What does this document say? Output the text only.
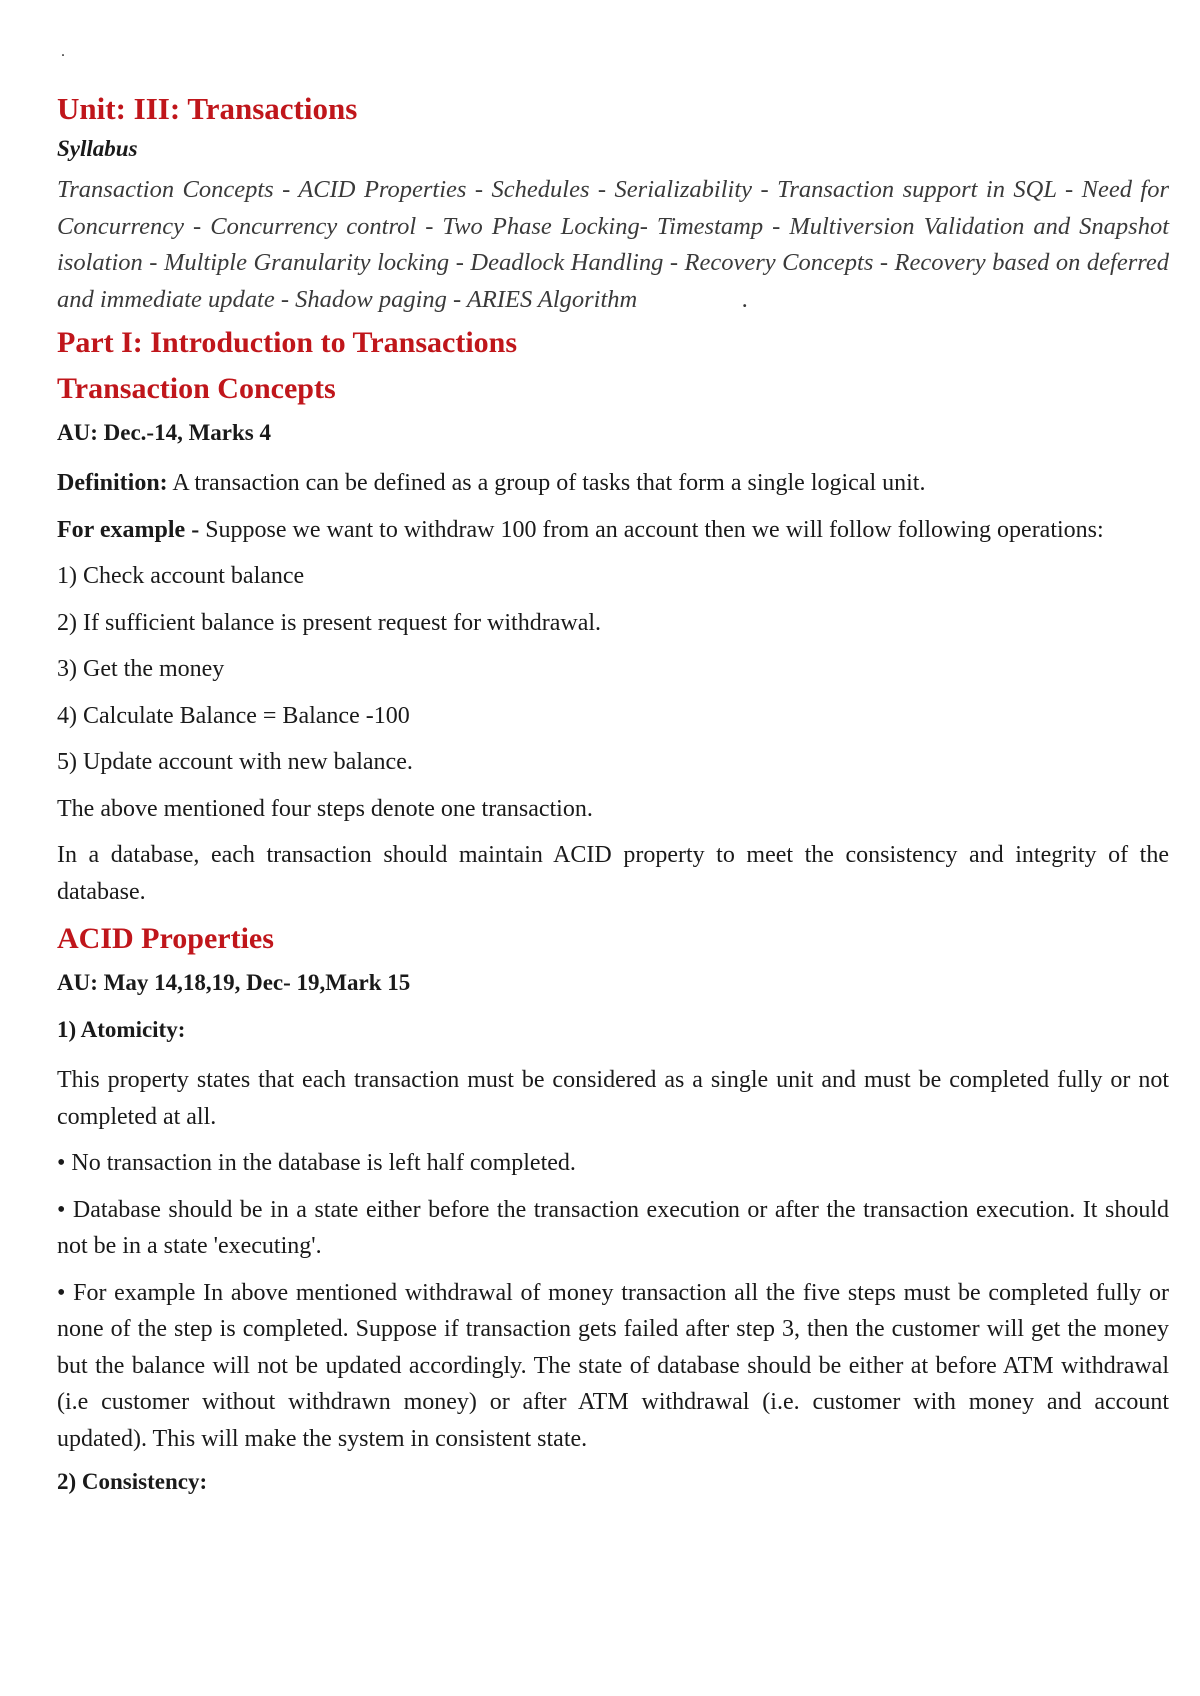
.
Unit: III: Transactions
Syllabus
Transaction Concepts - ACID Properties - Schedules - Serializability - Transaction support in SQL - Need for Concurrency - Concurrency control - Two Phase Locking- Timestamp - Multiversion Validation and Snapshot isolation - Multiple Granularity locking - Deadlock Handling - Recovery Concepts - Recovery based on deferred and immediate update - Shadow paging - ARIES Algorithm	.
Part I: Introduction to Transactions
Transaction Concepts
AU: Dec.-14, Marks 4

Definition: A transaction can be defined as a group of tasks that form a single logical unit.

For example - Suppose we want to withdraw 100 from an account then we will follow following operations:

1) Check account balance
2) If sufficient balance is present request for withdrawal.
3) Get the money
4) Calculate Balance = Balance -100
5) Update account with new balance.

The above mentioned four steps denote one transaction.

In a database, each transaction should maintain ACID property to meet the consistency and integrity of the database.

ACID Properties
AU: May 14,18,19, Dec- 19,Mark 15
1) Atomicity:

This property states that each transaction must be considered as a single unit and must be completed fully or not completed at all.

• No transaction in the database is left half completed.

• Database should be in a state either before the transaction execution or after the transaction execution. It should not be in a state 'executing'.

• For example In above mentioned withdrawal of money transaction all the five steps must be completed fully or none of the step is completed. Suppose if transaction gets failed after step 3, then the customer will get the money but the balance will not be updated accordingly. The state of database should be either at before ATM withdrawal (i.e customer without withdrawn money) or after ATM withdrawal (i.e. customer with money and account updated). This will make the system in consistent state.

2) Consistency:
